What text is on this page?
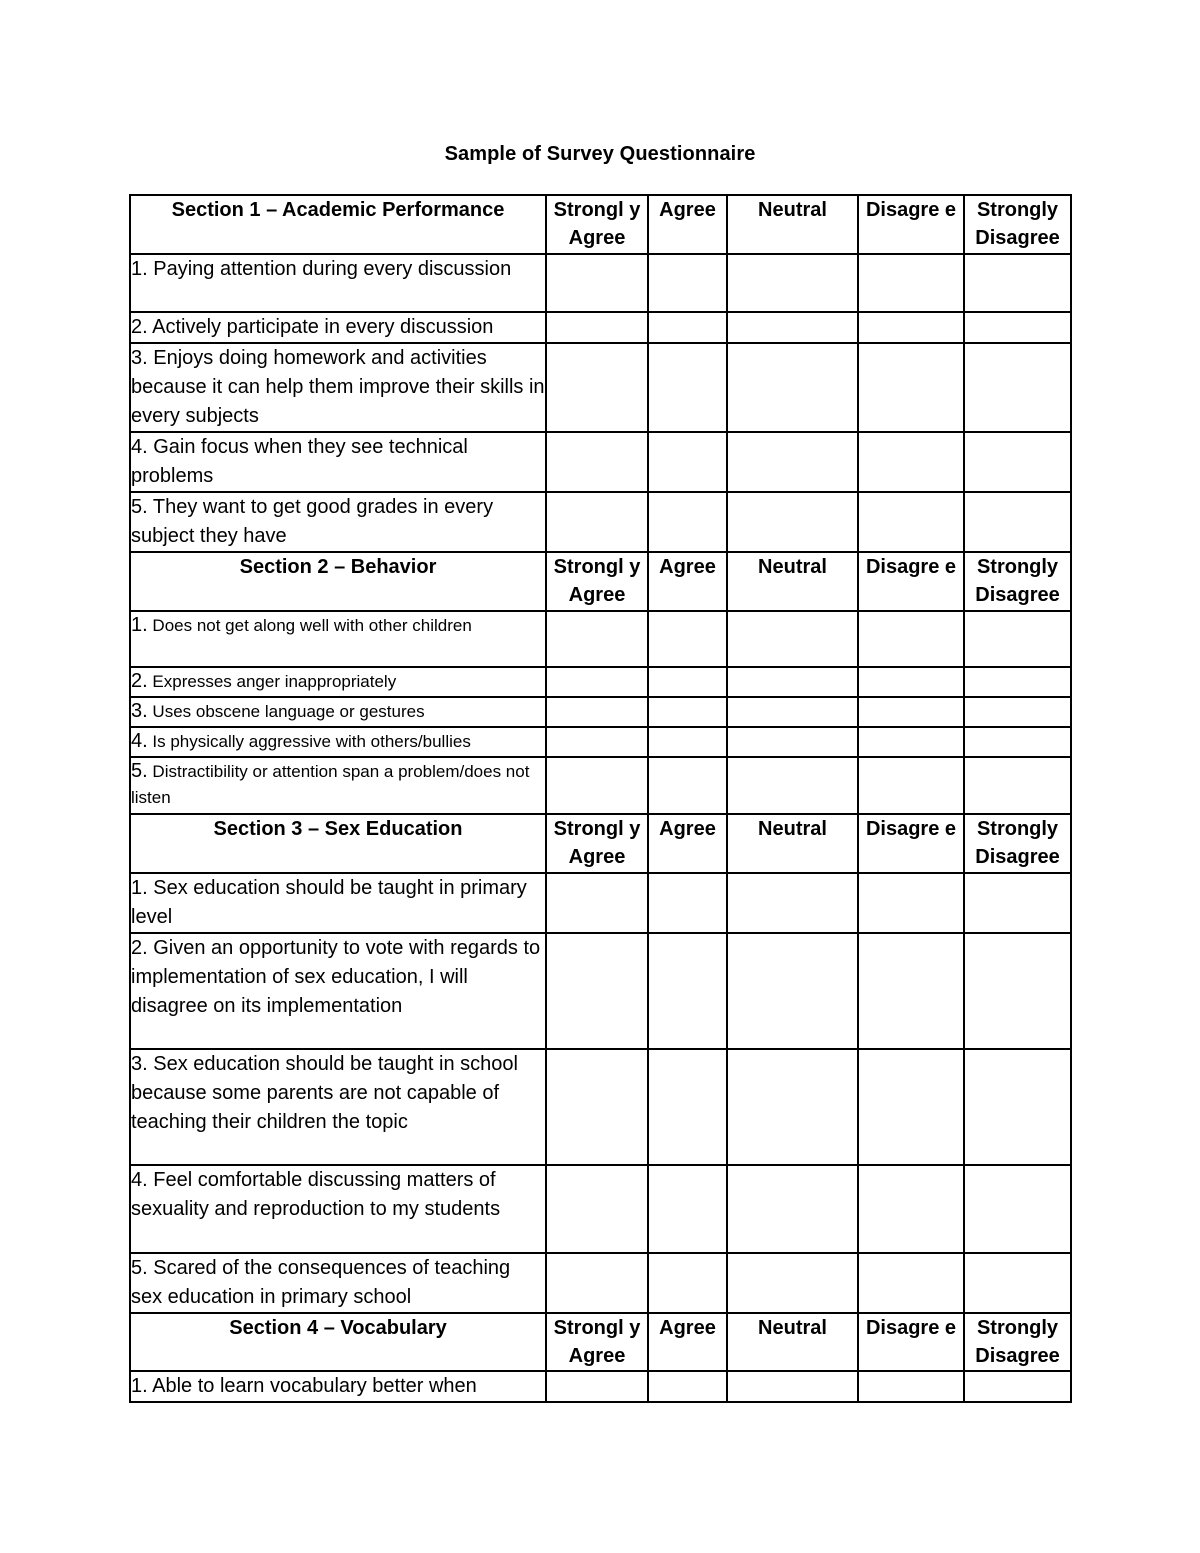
Sample of Survey Questionnaire
Section 1 – Academic Performance	Strongl y Agree	Agree	Neutral	Disagre e	Strongly Disagree
1. Paying attention during every discussion					
2. Actively participate in every discussion					
3. Enjoys doing homework and activities because it can help them improve their skills in every subjects					
4. Gain focus when they see technical problems					
5. They want to get good grades in every subject they have					
Section 2 – Behavior	Strongl y Agree	Agree	Neutral	Disagre e	Strongly Disagree
1. Does not get along well with other children					
2. Expresses anger inappropriately					
3. Uses obscene language or gestures					
4. Is physically aggressive with others/bullies					
5. Distractibility or attention span a problem/does not listen					
Section 3 – Sex Education	Strongl y Agree	Agree	Neutral	Disagre e	Strongly Disagree
1. Sex education should be taught in primary level					
2. Given an opportunity to vote with regards to implementation of sex education, I will disagree on its implementation					
3. Sex education should be taught in school because some parents are not capable of teaching their children the topic					
4. Feel comfortable discussing matters of sexuality and reproduction to my students					
5. Scared of the consequences of teaching sex education in primary school					
Section 4 – Vocabulary	Strongl y Agree	Agree	Neutral	Disagre e	Strongly Disagree
1. Able to learn vocabulary better when					
